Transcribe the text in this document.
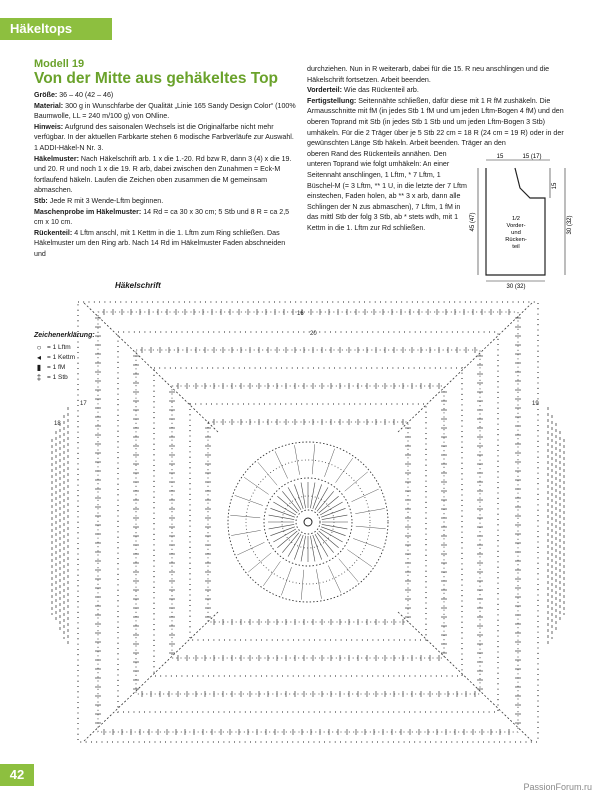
Häkeltops
Modell 19
Von der Mitte aus gehäkeltes Top
Größe: 36 – 40 (42 – 46)
Material: 300 g in Wunschfarbe der Qualität „Linie 165 Sandy Design Color“ (100% Baumwolle, LL = 240 m/100 g) von ONline.
Hinweis: Aufgrund des saisonalen Wechsels ist die Originalfarbe nicht mehr verfügbar. In der aktuellen Farbkarte stehen 6 modische Farbverläufe zur Auswahl.
1 ADDI-Häkel-N Nr. 3.
Häkelmuster: Nach Häkelschrift arb. 1 x die 1.-20. Rd bzw R, dann 3 (4) x die 19. und 20. R und noch 1 x die 19. R arb, dabei zwischen den Zunahmen = Eck-M fortlaufend häkeln. Laufen die Zeichen oben zusammen die M gemeinsam abmaschen.
Stb: Jede R mit 3 Wende-Lftm beginnen.
Maschenprobe im Häkelmuster: 14 Rd = ca 30 x 30 cm; 5 Stb und 8 R = ca 2,5 cm x 10 cm.
Rückenteil: 4 Lftm anschl, mit 1 Kettm in die 1. Lftm zum Ring schließen. Das Häkelmuster um den Ring arb. Nach 14 Rd im Häkelmuster Faden abschneiden und
durchziehen. Nun in R weiterarb, dabei für die 15. R neu anschlingen und die Häkelschrift fortsetzen. Arbeit beenden.
Vorderteil: Wie das Rückenteil arb.
Fertigstellung: Seitennähte schließen, dafür diese mit 1 R fM zushäkeln. Die Armausschnitte mit fM (in jedes Stb 1 fM und um jeden Lftm-Bogen 4 fM) und den oberen Toprand mit Stb (in jedes Stb 1 Stb und um jeden Lftm-Bogen 3 Stb) umhäkeln. Für die 2 Träger über je 5 Stb 22 cm = 18 R (24 cm = 19 R) oder in der gewünschten Länge Stb häkeln. Arbeit beenden. Träger an den
oberen Rand des Rückenteils annähen. Den unteren Toprand wie folgt umhäkeln: An einer Seitennaht anschlingen, 1 Lftm, * 7 Lftm, 1 Büschel-M (= 3 Lftm, ** 1 U, in die letzte der 7 Lftm einstechen, Faden holen, ab ** 3 x arb, dann alle Schlingen der N zus abmaschen), 7 Lftm, 1 fM in das mittl Stb der folg 3 Stb, ab * stets wdh, mit 1 Kettm in die 1. Lftm zur Rd schließen.
15	15 (17)
15
30 (32)
45 (47)
30 (32)
1/2 Vorder-und Rücken-teil
Häkelschrift
17
18
19
16
20
Zeichenerklärung:
○ = 1 Lftm
◂ = 1 Kettm
▮ = 1 fM
‡ = 1 Stb
42
PassionForum.ru
